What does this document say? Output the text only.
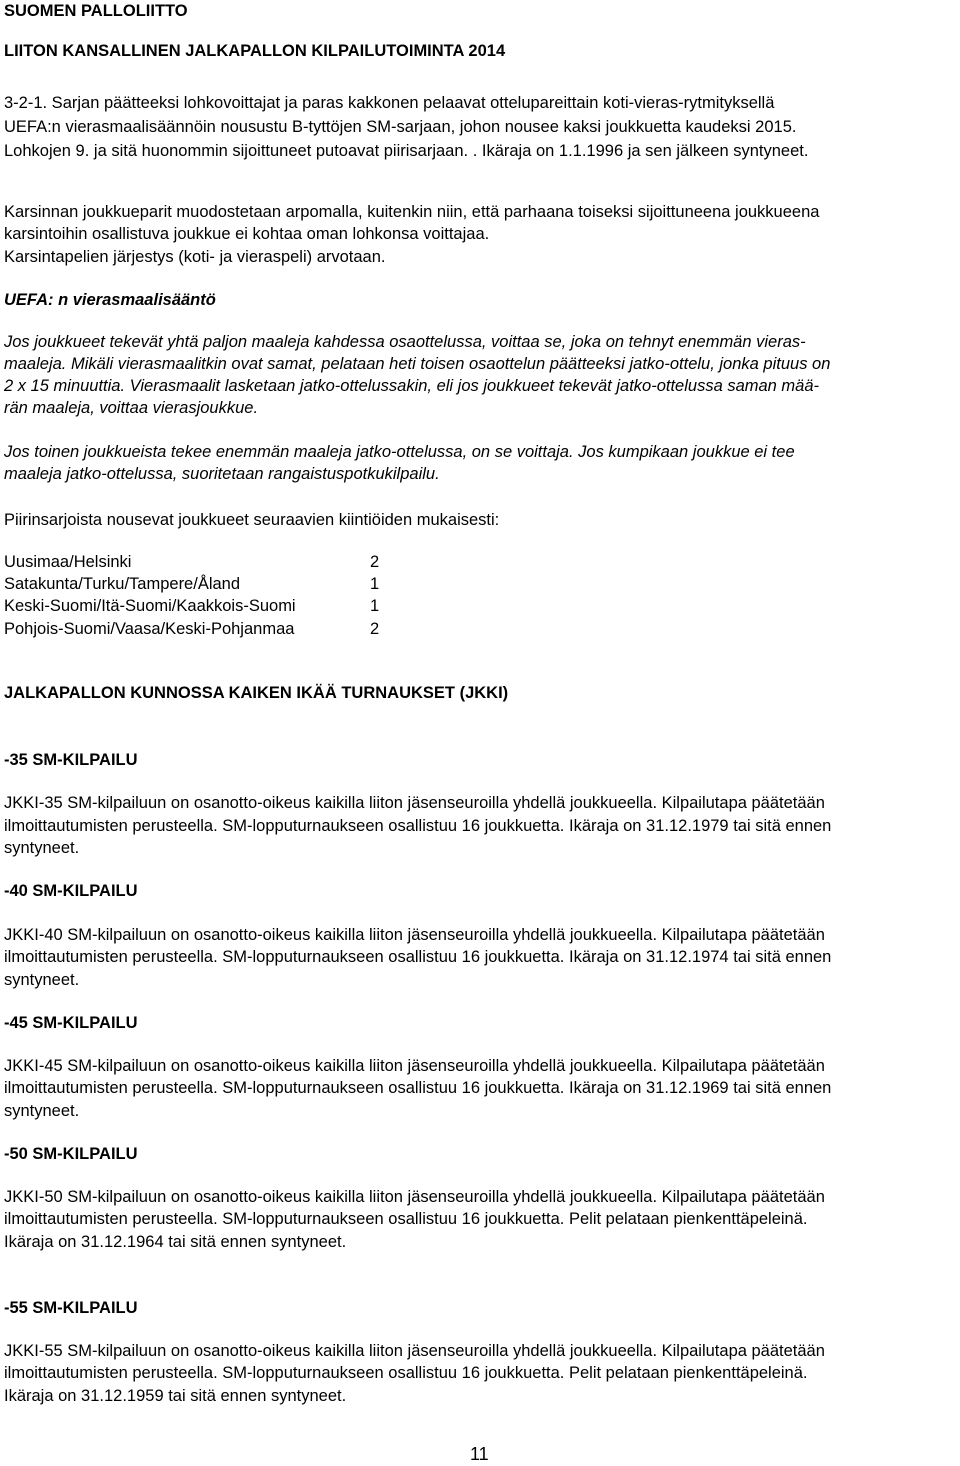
SUOMEN PALLOLIITTO
LIITON KANSALLINEN JALKAPALLON KILPAILUTOIMINTA 2014
3-2-1. Sarjan päätteeksi lohkovoittajat ja paras kakkonen pelaavat ottelupareittain koti-vieras-rytmityksellä
UEFA:n vierasmaalisäännöin nousustu B-tyttöjen SM-sarjaan, johon nousee kaksi joukkuetta kaudeksi 2015.
Lohkojen 9. ja sitä huonommin sijoittuneet putoavat piirisarjaan. . Ikäraja on 1.1.1996 ja sen jälkeen syntyneet.
Karsinnan joukkueparit muodostetaan arpomalla, kuitenkin niin, että parhaana toiseksi sijoittuneena joukkueena
karsintoihin osallistuva joukkue ei kohtaa oman lohkonsa voittajaa.
Karsintapelien järjestys (koti- ja vieraspeli) arvotaan.
UEFA: n vierasmaalisääntö
Jos joukkueet tekevät yhtä paljon maaleja kahdessa osaottelussa, voittaa se, joka on tehnyt enemmän vieras-
maaleja. Mikäli vierasmaalitkin ovat samat, pelataan heti toisen osaottelun päätteeksi jatko-ottelu, jonka pituus on
2 x 15 minuuttia. Vierasmaalit lasketaan jatko-ottelussakin, eli jos joukkueet tekevät jatko-ottelussa saman mää-
rän maaleja, voittaa vierasjoukkue.
Jos toinen joukkueista tekee enemmän maaleja jatko-ottelussa, on se voittaja. Jos kumpikaan joukkue ei tee
maaleja jatko-ottelussa, suoritetaan rangaistuspotkukilpailu.
Piirinsarjoista nousevat joukkueet seuraavien kiintiöiden mukaisesti:
Uusimaa/Helsinki	2
Satakunta/Turku/Tampere/Åland	1
Keski-Suomi/Itä-Suomi/Kaakkois-Suomi	1
Pohjois-Suomi/Vaasa/Keski-Pohjanmaa	2
JALKAPALLON KUNNOSSA KAIKEN IKÄÄ TURNAUKSET (JKKI)
-35 SM-KILPAILU
JKKI-35 SM-kilpailuun on osanotto-oikeus kaikilla liiton jäsenseuroilla yhdellä joukkueella. Kilpailutapa päätetään
ilmoittautumisten perusteella. SM-lopputurnaukseen osallistuu 16 joukkuetta. Ikäraja on 31.12.1979 tai sitä ennen
syntyneet.
-40 SM-KILPAILU
JKKI-40 SM-kilpailuun on osanotto-oikeus kaikilla liiton jäsenseuroilla yhdellä joukkueella. Kilpailutapa päätetään
ilmoittautumisten perusteella. SM-lopputurnaukseen osallistuu 16 joukkuetta. Ikäraja on 31.12.1974 tai sitä ennen
syntyneet.
-45 SM-KILPAILU
JKKI-45 SM-kilpailuun on osanotto-oikeus kaikilla liiton jäsenseuroilla yhdellä joukkueella. Kilpailutapa päätetään
ilmoittautumisten perusteella. SM-lopputurnaukseen osallistuu 16 joukkuetta. Ikäraja on 31.12.1969 tai sitä ennen
syntyneet.
-50 SM-KILPAILU
JKKI-50 SM-kilpailuun on osanotto-oikeus kaikilla liiton jäsenseuroilla yhdellä joukkueella. Kilpailutapa päätetään
ilmoittautumisten perusteella. SM-lopputurnaukseen osallistuu 16 joukkuetta. Pelit pelataan pienkenttäpeleinä.
Ikäraja on 31.12.1964 tai sitä ennen syntyneet.
-55 SM-KILPAILU
JKKI-55 SM-kilpailuun on osanotto-oikeus kaikilla liiton jäsenseuroilla yhdellä joukkueella. Kilpailutapa päätetään
ilmoittautumisten perusteella. SM-lopputurnaukseen osallistuu 16 joukkuetta. Pelit pelataan pienkenttäpeleinä.
Ikäraja on 31.12.1959 tai sitä ennen syntyneet.
11
